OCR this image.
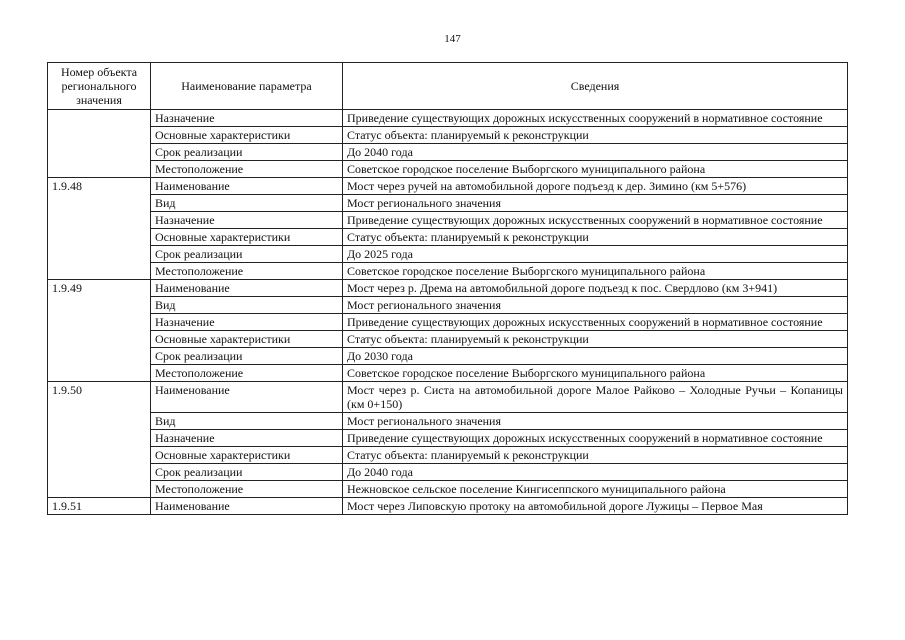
147
Номер объекта регионального значения	Наименование параметра	Сведения
	Назначение	Приведение существующих дорожных искусственных сооружений в нормативное состояние
	Основные характеристики	Статус объекта: планируемый к реконструкции
	Срок реализации	До 2040 года
	Местоположение	Советское городское поселение Выборгского муниципального района
1.9.48	Наименование	Мост через ручей на автомобильной дороге подъезд к дер. Зимино (км 5+576)
	Вид	Мост регионального значения
	Назначение	Приведение существующих дорожных искусственных сооружений в нормативное состояние
	Основные характеристики	Статус объекта: планируемый к реконструкции
	Срок реализации	До 2025 года
	Местоположение	Советское городское поселение Выборгского муниципального района
1.9.49	Наименование	Мост через р. Дрема на автомобильной дороге подъезд к пос. Свердлово (км 3+941)
	Вид	Мост регионального значения
	Назначение	Приведение существующих дорожных искусственных сооружений в нормативное состояние
	Основные характеристики	Статус объекта: планируемый к реконструкции
	Срок реализации	До 2030 года
	Местоположение	Советское городское поселение Выборгского муниципального района
1.9.50	Наименование	Мост через р. Систа на автомобильной дороге Малое Райково – Холодные Ручьи – Копаницы (км 0+150)
	Вид	Мост регионального значения
	Назначение	Приведение существующих дорожных искусственных сооружений в нормативное состояние
	Основные характеристики	Статус объекта: планируемый к реконструкции
	Срок реализации	До 2040 года
	Местоположение	Нежновское сельское поселение Кингисеппского муниципального района
1.9.51	Наименование	Мост через Липовскую протоку на автомобильной дороге Лужицы – Первое Мая
